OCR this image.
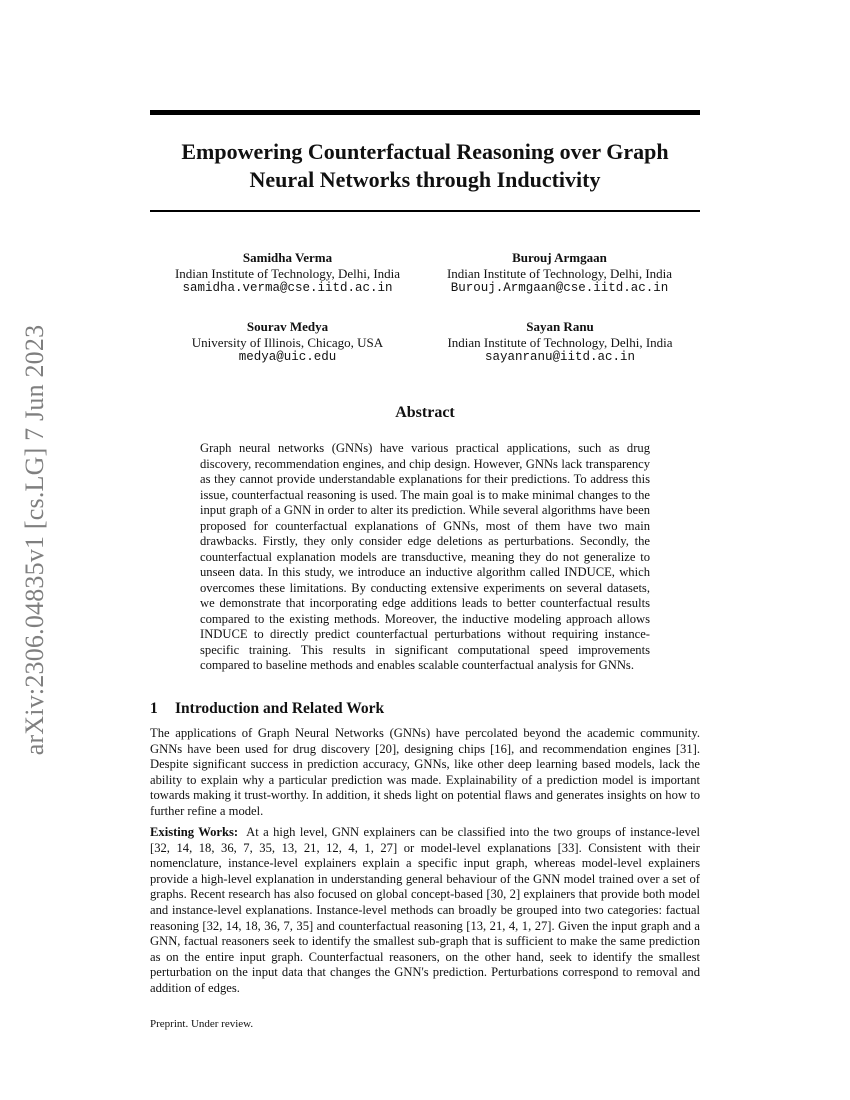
arXiv:2306.04835v1 [cs.LG] 7 Jun 2023
Empowering Counterfactual Reasoning over Graph Neural Networks through Inductivity
Samidha Verma
Indian Institute of Technology, Delhi, India
samidha.verma@cse.iitd.ac.in
Burouj Armgaan
Indian Institute of Technology, Delhi, India
Burouj.Armgaan@cse.iitd.ac.in
Sourav Medya
University of Illinois, Chicago, USA
medya@uic.edu
Sayan Ranu
Indian Institute of Technology, Delhi, India
sayanranu@iitd.ac.in
Abstract
Graph neural networks (GNNs) have various practical applications, such as drug discovery, recommendation engines, and chip design. However, GNNs lack transparency as they cannot provide understandable explanations for their predictions. To address this issue, counterfactual reasoning is used. The main goal is to make minimal changes to the input graph of a GNN in order to alter its prediction. While several algorithms have been proposed for counterfactual explanations of GNNs, most of them have two main drawbacks. Firstly, they only consider edge deletions as perturbations. Secondly, the counterfactual explanation models are transductive, meaning they do not generalize to unseen data. In this study, we introduce an inductive algorithm called INDUCE, which overcomes these limitations. By conducting extensive experiments on several datasets, we demonstrate that incorporating edge additions leads to better counterfactual results compared to the existing methods. Moreover, the inductive modeling approach allows INDUCE to directly predict counterfactual perturbations without requiring instance-specific training. This results in significant computational speed improvements compared to baseline methods and enables scalable counterfactual analysis for GNNs.
1 Introduction and Related Work
The applications of Graph Neural Networks (GNNs) have percolated beyond the academic community. GNNs have been used for drug discovery [20], designing chips [16], and recommendation engines [31]. Despite significant success in prediction accuracy, GNNs, like other deep learning based models, lack the ability to explain why a particular prediction was made. Explainability of a prediction model is important towards making it trust-worthy. In addition, it sheds light on potential flaws and generates insights on how to further refine a model.
Existing Works: At a high level, GNN explainers can be classified into the two groups of instance-level [32, 14, 18, 36, 7, 35, 13, 21, 12, 4, 1, 27] or model-level explanations [33]. Consistent with their nomenclature, instance-level explainers explain a specific input graph, whereas model-level explainers provide a high-level explanation in understanding general behaviour of the GNN model trained over a set of graphs. Recent research has also focused on global concept-based [30, 2] explainers that provide both model and instance-level explanations. Instance-level methods can broadly be grouped into two categories: factual reasoning [32, 14, 18, 36, 7, 35] and counterfactual reasoning [13, 21, 4, 1, 27]. Given the input graph and a GNN, factual reasoners seek to identify the smallest sub-graph that is sufficient to make the same prediction as on the entire input graph. Counterfactual reasoners, on the other hand, seek to identify the smallest perturbation on the input data that changes the GNN's prediction. Perturbations correspond to removal and addition of edges.
Preprint. Under review.
